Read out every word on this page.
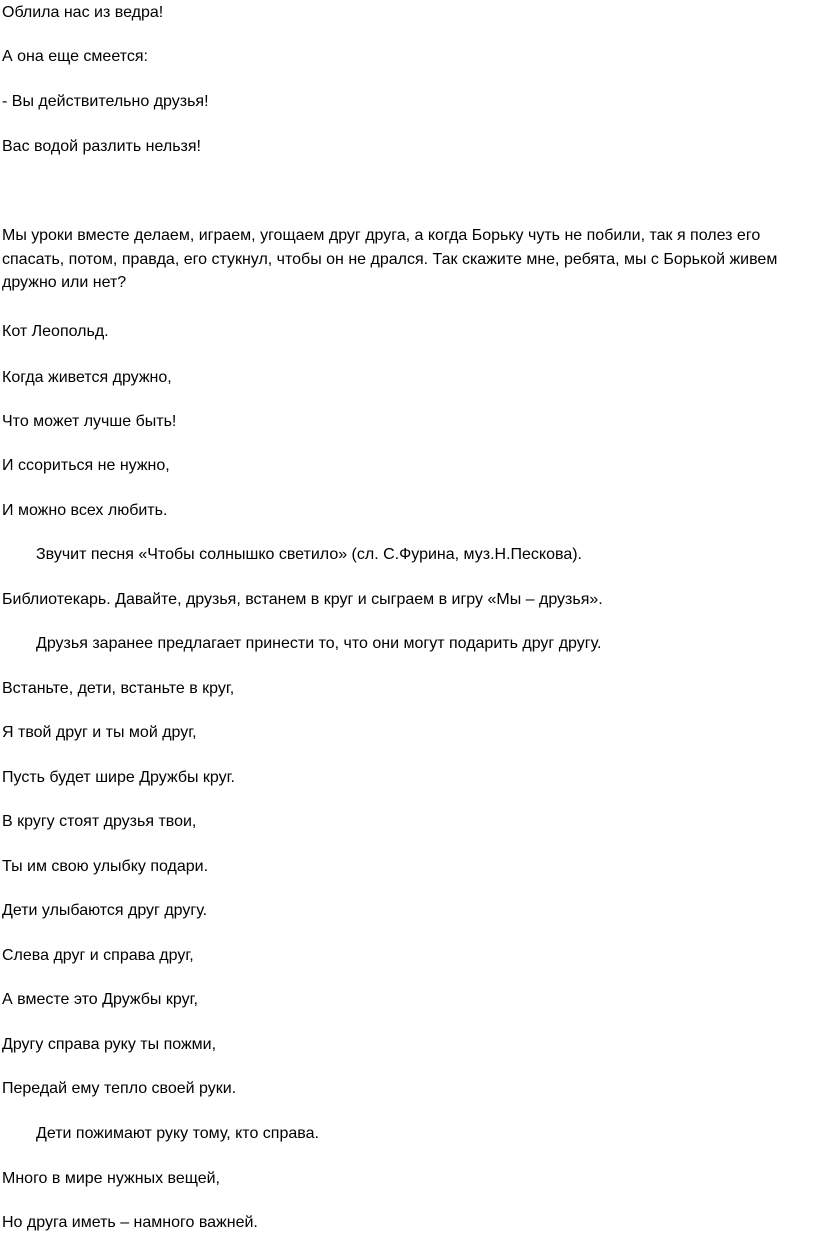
Облила нас из ведра!

А она еще смеется:

- Вы действительно друзья!

Вас водой разлить нельзя!

Мы уроки вместе делаем, играем, угощаем друг друга, а когда Борьку чуть не побили, так я полез его спасать, потом, правда, его стукнул, чтобы он не дрался. Так скажите мне, ребята, мы с Борькой живем дружно или нет?

Кот Леопольд.

Когда живется дружно,

Что может лучше быть!

И ссориться не нужно,

И можно всех любить.

Звучит песня «Чтобы солнышко светило» (сл. С.Фурина, муз.Н.Пескова).

Библиотекарь. Давайте, друзья, встанем в круг и сыграем в игру «Мы – друзья».

Друзья заранее предлагает принести то, что они могут подарить друг другу.

Встаньте, дети, встаньте в круг,

Я твой друг и ты мой друг,

Пусть будет шире Дружбы круг.

В кругу стоят друзья твои,

Ты им свою улыбку подари.

Дети улыбаются друг другу.

Слева друг и справа друг,

А вместе это Дружбы круг,

Другу справа руку ты пожми,

Передай ему тепло своей руки.

Дети пожимают руку тому, кто справа.

Много в мире нужных вещей,

Но друга иметь – намного важней.
